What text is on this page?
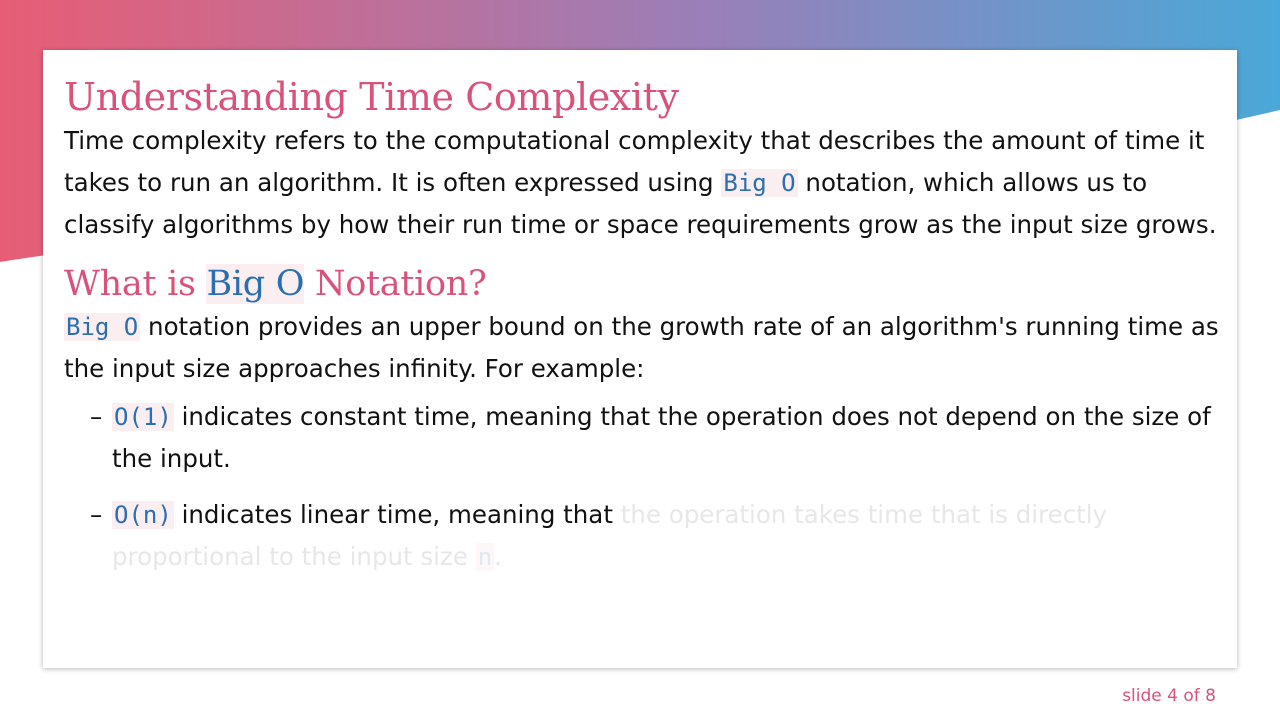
Understanding Time Complexity

Time complexity refers to the computational complexity that describes the amount of time it takes to run an algorithm. It is often expressed using Big O notation, which allows us to classify algorithms by how their run time or space requirements grow as the input size grows.

What is Big O Notation?

Big O notation provides an upper bound on the growth rate of an algorithm's running time as the input size approaches infinity. For example:

– O(1) indicates constant time, meaning that the operation does not depend on the size of the input.
– O(n) indicates linear time, meaning that the operation takes time that is directly proportional to the input size n.
slide 4 of 8
